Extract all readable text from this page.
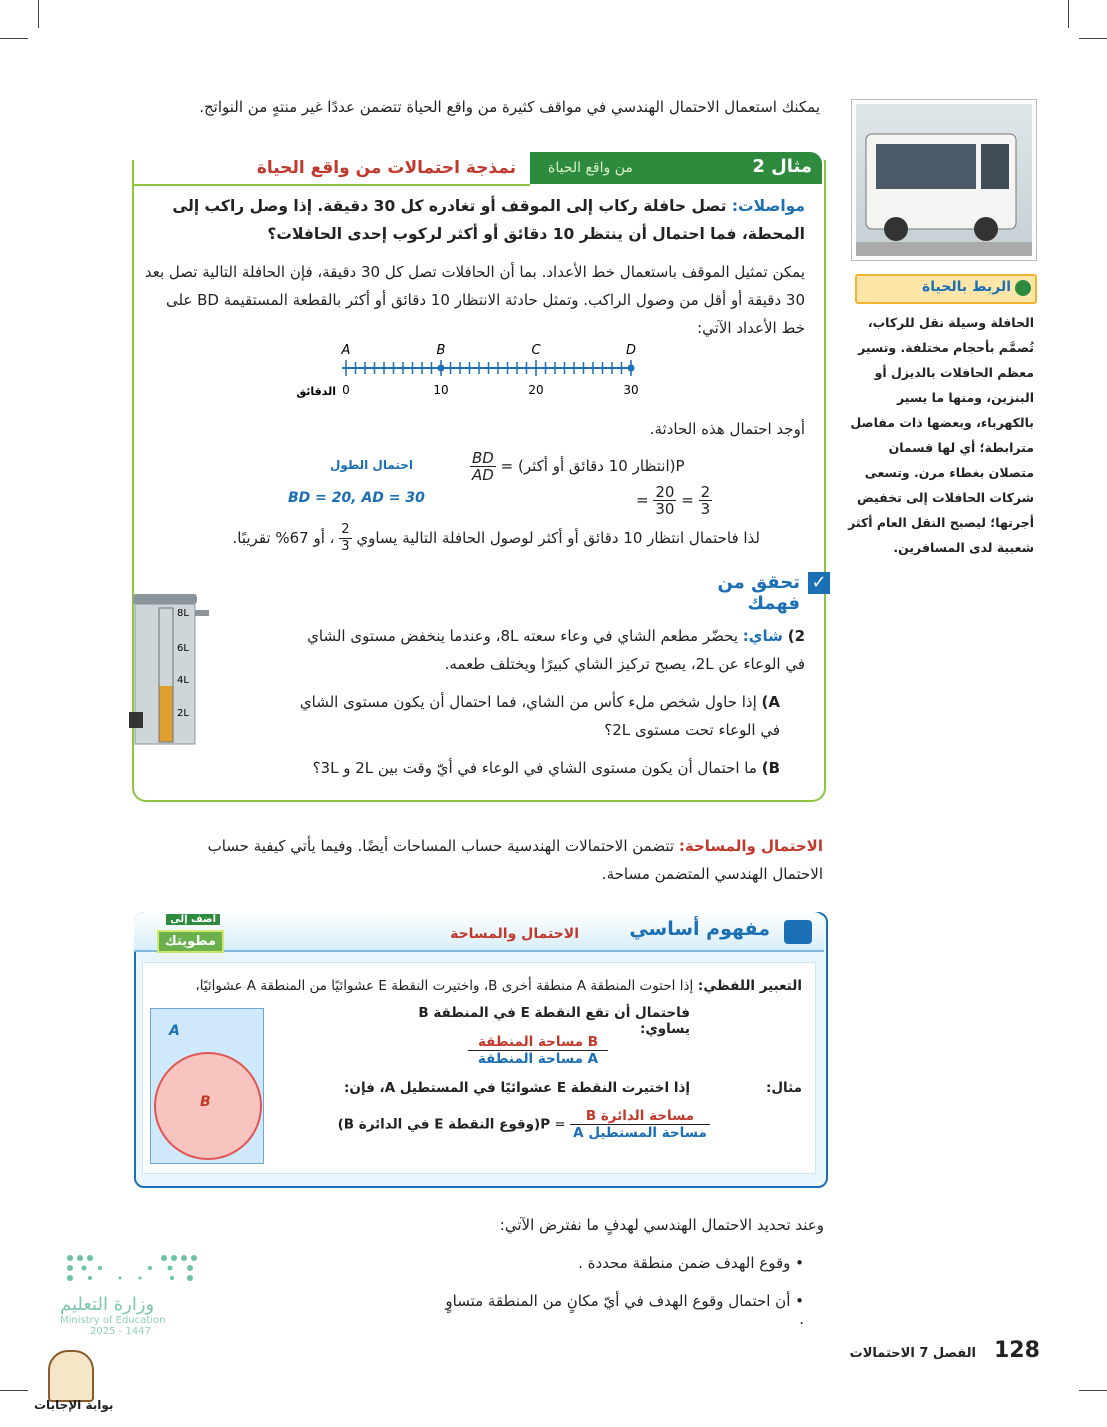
يمكنك استعمال الاحتمال الهندسي في مواقف كثيرة من واقع الحياة تتضمن عددًا غير منتهٍ من النواتج.
الربط بالحياة
الحافلة وسيلة نقل للركاب، تُصمَّم بأحجام مختلفة. وتسير معظم الحافلات بالديزل أو البنزين، ومنها ما يسير بالكهرباء، وبعضها ذات مفاصل مترابطة؛ أي لها قسمان متصلان بغطاء مرن. وتسعى شركات الحافلات إلى تخفيض أجرتها؛ ليصبح النقل العام أكثر شعبية لدى المسافرين.
نمذجة احتمالات من واقع الحياة	مثال 2
من واقع الحياة
مواصلات: تصل حافلة ركاب إلى الموقف أو تغادره كل 30 دقيقة. إذا وصل راكب إلى المحطة، فما احتمال أن ينتظر 10 دقائق أو أكثر لركوب إحدى الحافلات؟
يمكن تمثيل الموقف باستعمال خط الأعداد. بما أن الحافلات تصل كل 30 دقيقة، فإن الحافلة التالية تصل بعد 30 دقيقة أو أقل من وصول الراكب. وتمثل حادثة الانتظار 10 دقائق أو أكثر بالقطعة المستقيمة BD على خط الأعداد الآتي:
A	B	C	D
0	10	20	30
الدقائق
أوجد احتمال هذه الحادثة.
P(انتظار 10 دقائق أو أكثر) =
$\frac{BD}{AD}$
= $\frac{20}{30} = \frac{2}{3}$
احتمال الطول
BD = 20, AD = 30
لذا فاحتمال انتظار 10 دقائق أو أكثر لوصول الحافلة التالية يساوي
$\frac{2}{3}$
، أو 67% تقريبًا.
✓
تحقق من فهمك
2) شاي: يحضّر مطعم الشاي في وعاء سعته 8L، وعندما ينخفض مستوى الشاي في الوعاء عن 2L، يصبح تركيز الشاي كبيرًا ويختلف طعمه.
A) إذا حاول شخص ملء كأس من الشاي، فما احتمال أن يكون مستوى الشاي في الوعاء تحت مستوى 2L؟
B) ما احتمال أن يكون مستوى الشاي في الوعاء في أيّ وقت بين 2L و 3L؟
8L
6L
4L
2L
الاحتمال والمساحة: تتضمن الاحتمالات الهندسية حساب المساحات أيضًا. وفيما يأتي كيفية حساب الاحتمال الهندسي المتضمن مساحة.
مفهوم أساسي
الاحتمال والمساحة
أضف إلى
مطويتك
التعبير اللفظي: إذا احتوت المنطقة A منطقة أخرى B، واختيرت النقطة E عشوائيًا من المنطقة A عشوائيًا،
فاحتمال أن تقع النقطة E في المنطقة B يساوي:
$\frac{\text{مساحة المنطقة B}}{\text{مساحة المنطقة A}}$
مثال:
إذا اختيرت النقطة E عشوائيًا في المستطيل A، فإن:
$\frac{\text{مساحة الدائرة B}}{\text{مساحة المستطيل A}}$
= P(وقوع النقطة E في الدائرة B)
A
B
وعند تحديد الاحتمال الهندسي لهدفٍ ما نفترض الآتي:
• وقوع الهدف ضمن منطقة محددة .
• أن احتمال وقوع الهدف في أيّ مكانٍ من المنطقة متساوٍ .
128
الفصل 7 الاحتمالات
وزارة التعليم
Ministry of Education
2025 - 1447
بوابة الإجابات
